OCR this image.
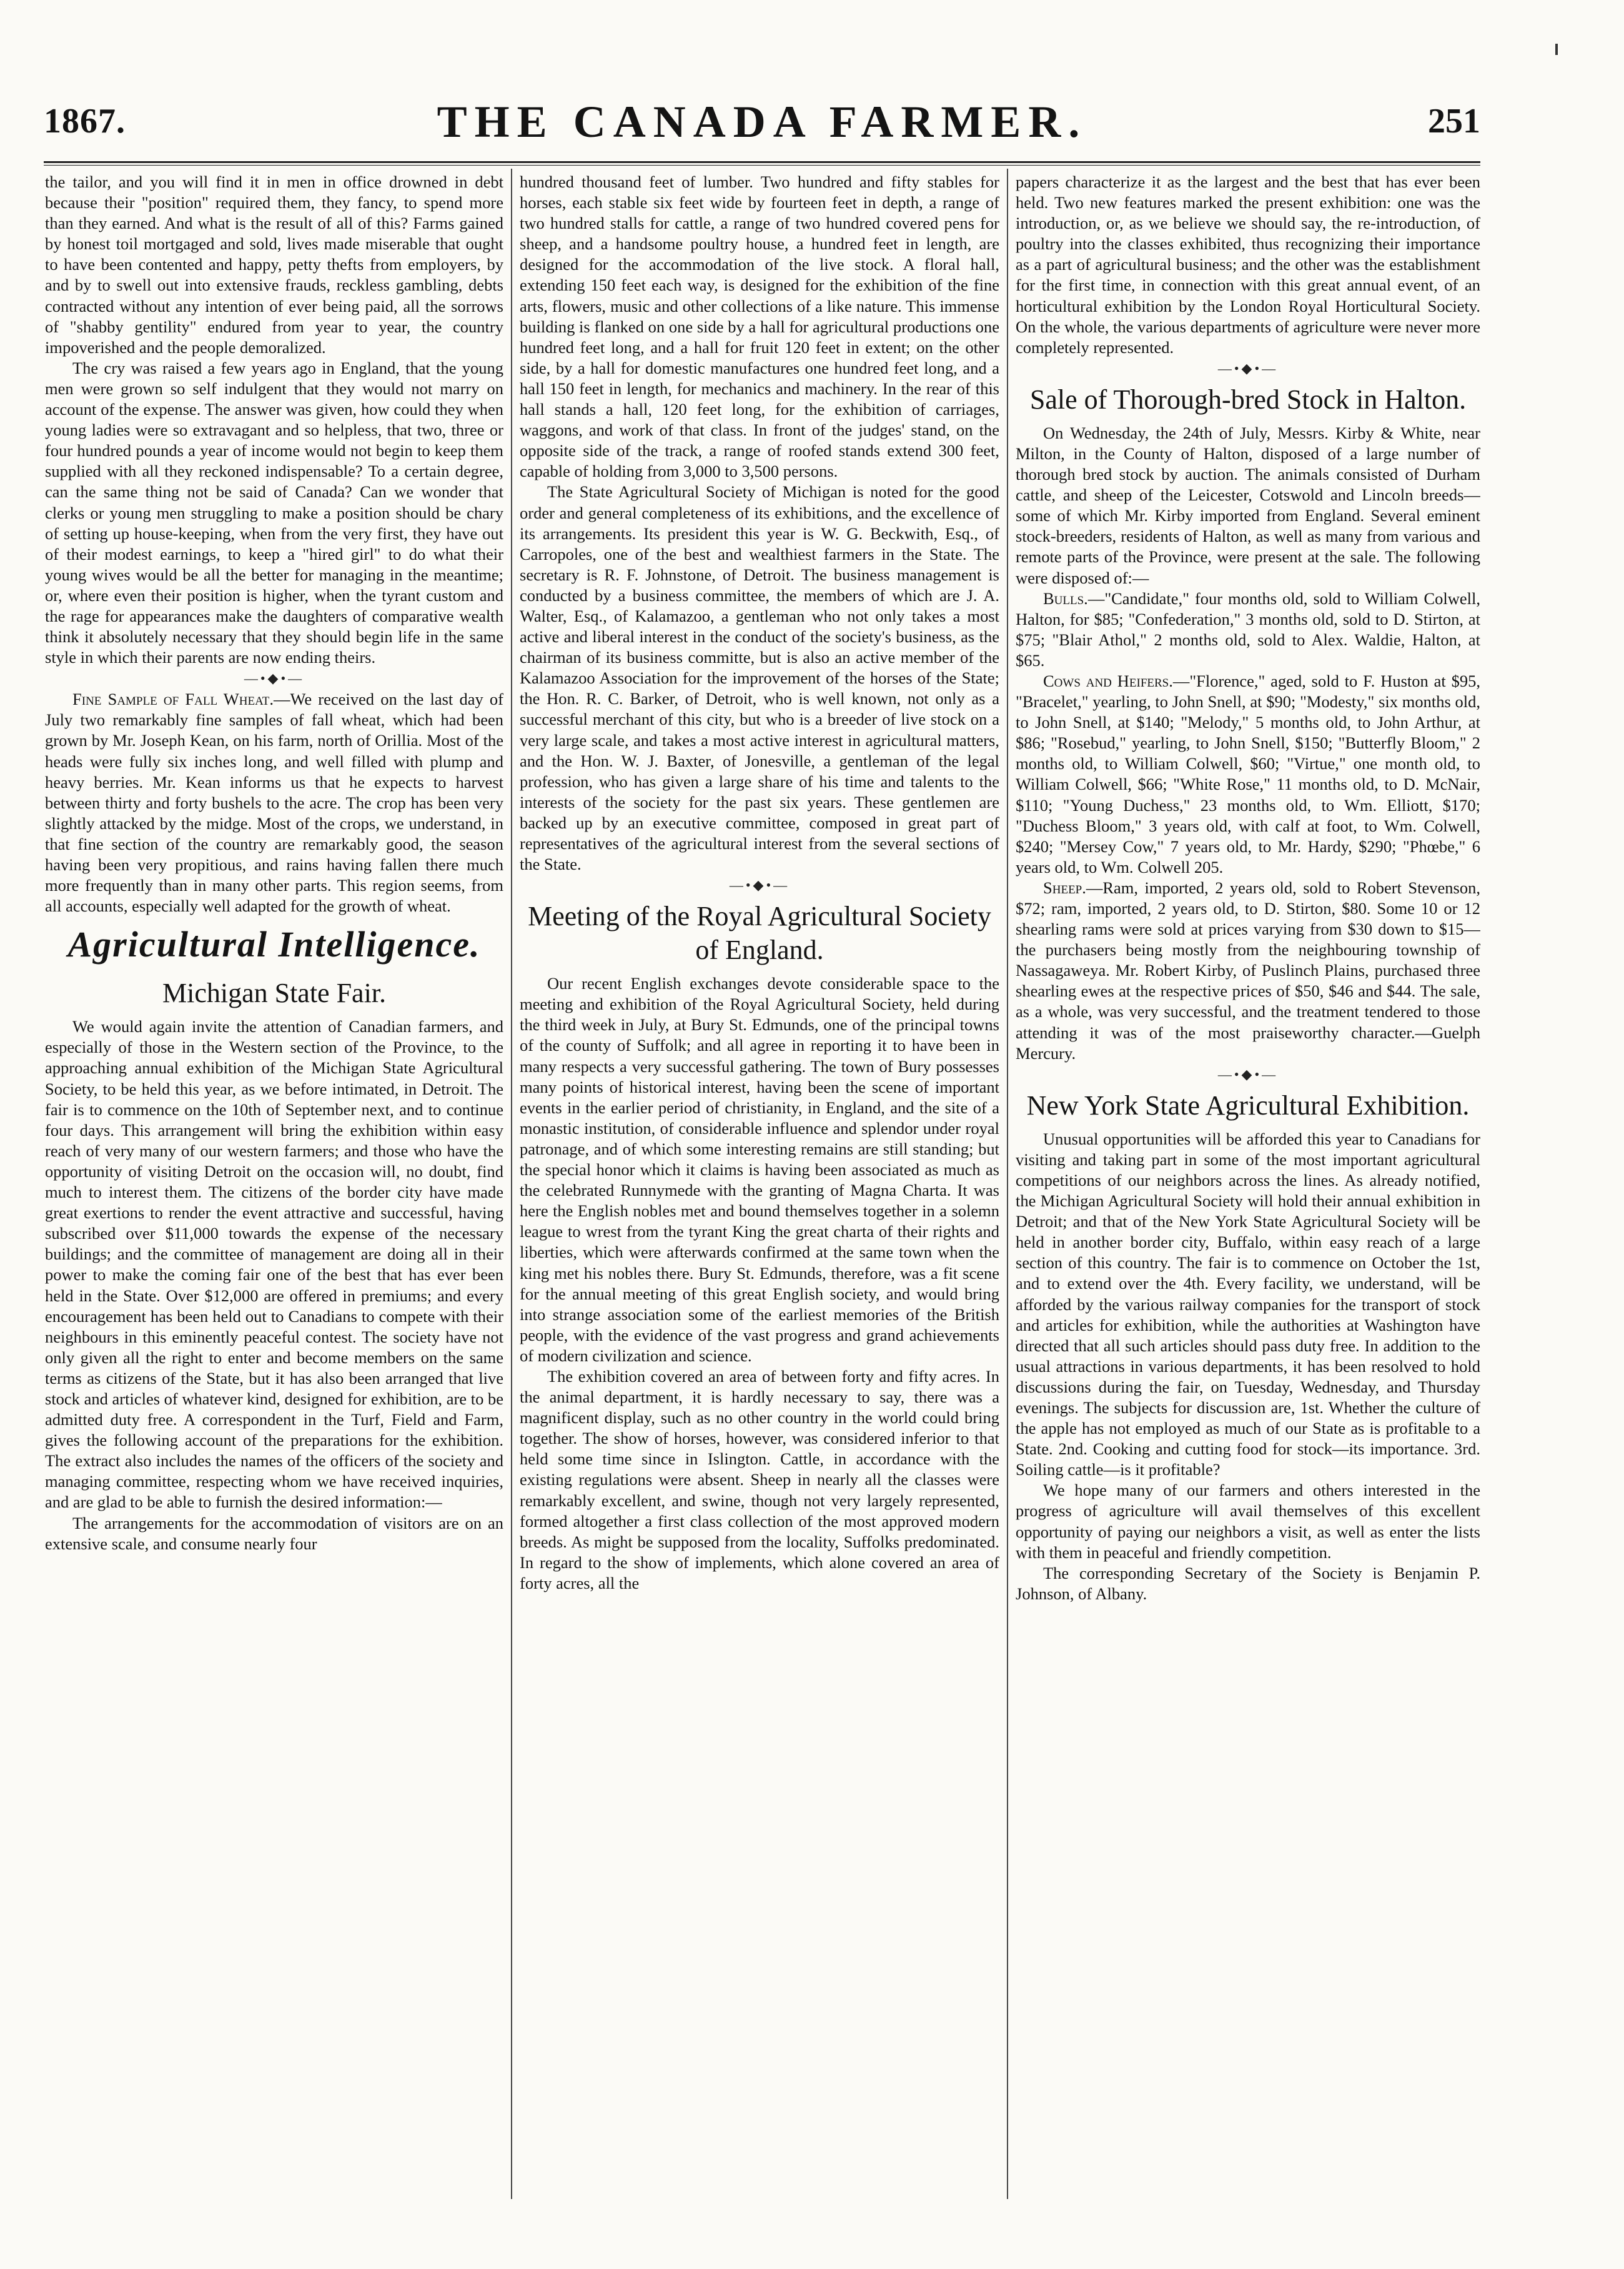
1867.	THE CANADA FARMER.	251

the tailor, and you will find it in men in office drowned in debt because their "position" required them, they fancy, to spend more than they earned. And what is the result of all of this? Farms gained by honest toil mortgaged and sold, lives made miserable that ought to have been contented and happy, petty thefts from employers, by and by to swell out into extensive frauds, reckless gambling, debts contracted without any intention of ever being paid, all the sorrows of "shabby gentility" endured from year to year, the country impoverished and the people demoralized.

The cry was raised a few years ago in England, that the young men were grown so self indulgent that they would not marry on account of the expense. The answer was given, how could they when young ladies were so extravagant and so helpless, that two, three or four hundred pounds a year of income would not begin to keep them supplied with all they reckoned indispensable? To a certain degree, can the same thing not be said of Canada? Can we wonder that clerks or young men struggling to make a position should be chary of setting up house-keeping, when from the very first, they have out of their modest earnings, to keep a "hired girl" to do what their young wives would be all the better for managing in the meantime; or, where even their position is higher, when the tyrant custom and the rage for appearances make the daughters of comparative wealth think it absolutely necessary that they should begin life in the same style in which their parents are now ending theirs.

—•◆•—

Fine Sample of Fall Wheat.—We received on the last day of July two remarkably fine samples of fall wheat, which had been grown by Mr. Joseph Kean, on his farm, north of Orillia. Most of the heads were fully six inches long, and well filled with plump and heavy berries. Mr. Kean informs us that he expects to harvest between thirty and forty bushels to the acre. The crop has been very slightly attacked by the midge. Most of the crops, we understand, in that fine section of the country are remarkably good, the season having been very propitious, and rains having fallen there much more frequently than in many other parts. This region seems, from all accounts, especially well adapted for the growth of wheat.

Agricultural Intelligence.
Michigan State Fair.

We would again invite the attention of Canadian farmers, and especially of those in the Western section of the Province, to the approaching annual exhibition of the Michigan State Agricultural Society, to be held this year, as we before intimated, in Detroit. The fair is to commence on the 10th of September next, and to continue four days. This arrangement will bring the exhibition within easy reach of very many of our western farmers; and those who have the opportunity of visiting Detroit on the occasion will, no doubt, find much to interest them. The citizens of the border city have made great exertions to render the event attractive and successful, having subscribed over $11,000 towards the expense of the necessary buildings; and the committee of management are doing all in their power to make the coming fair one of the best that has ever been held in the State. Over $12,000 are offered in premiums; and every encouragement has been held out to Canadians to compete with their neighbours in this eminently peaceful contest. The society have not only given all the right to enter and become members on the same terms as citizens of the State, but it has also been arranged that live stock and articles of whatever kind, designed for exhibition, are to be admitted duty free. A correspondent in the Turf, Field and Farm, gives the following account of the preparations for the exhibition. The extract also includes the names of the officers of the society and managing committee, respecting whom we have received inquiries, and are glad to be able to furnish the desired information:—

The arrangements for the accommodation of visitors are on an extensive scale, and consume nearly four

hundred thousand feet of lumber. Two hundred and fifty stables for horses, each stable six feet wide by fourteen feet in depth, a range of two hundred stalls for cattle, a range of two hundred covered pens for sheep, and a handsome poultry house, a hundred feet in length, are designed for the accommodation of the live stock. A floral hall, extending 150 feet each way, is designed for the exhibition of the fine arts, flowers, music and other collections of a like nature. This immense building is flanked on one side by a hall for agricultural productions one hundred feet long, and a hall for fruit 120 feet in extent; on the other side, by a hall for domestic manufactures one hundred feet long, and a hall 150 feet in length, for mechanics and machinery. In the rear of this hall stands a hall, 120 feet long, for the exhibition of carriages, waggons, and work of that class. In front of the judges' stand, on the opposite side of the track, a range of roofed stands extend 300 feet, capable of holding from 3,000 to 3,500 persons.

The State Agricultural Society of Michigan is noted for the good order and general completeness of its exhibitions, and the excellence of its arrangements. Its president this year is W. G. Beckwith, Esq., of Carropoles, one of the best and wealthiest farmers in the State. The secretary is R. F. Johnstone, of Detroit. The business management is conducted by a business committee, the members of which are J. A. Walter, Esq., of Kalamazoo, a gentleman who not only takes a most active and liberal interest in the conduct of the society's business, as the chairman of its business committe, but is also an active member of the Kalamazoo Association for the improvement of the horses of the State; the Hon. R. C. Barker, of Detroit, who is well known, not only as a successful merchant of this city, but who is a breeder of live stock on a very large scale, and takes a most active interest in agricultural matters, and the Hon. W. J. Baxter, of Jonesville, a gentleman of the legal profession, who has given a large share of his time and talents to the interests of the society for the past six years. These gentlemen are backed up by an executive committee, composed in great part of representatives of the agricultural interest from the several sections of the State.

—•◆•—
Meeting of the Royal Agricultural Society of England.

Our recent English exchanges devote considerable space to the meeting and exhibition of the Royal Agricultural Society, held during the third week in July, at Bury St. Edmunds, one of the principal towns of the county of Suffolk; and all agree in reporting it to have been in many respects a very successful gathering. The town of Bury possesses many points of historical interest, having been the scene of important events in the earlier period of christianity, in England, and the site of a monastic institution, of considerable influence and splendor under royal patronage, and of which some interesting remains are still standing; but the special honor which it claims is having been associated as much as the celebrated Runnymede with the granting of Magna Charta. It was here the English nobles met and bound themselves together in a solemn league to wrest from the tyrant King the great charta of their rights and liberties, which were afterwards confirmed at the same town when the king met his nobles there. Bury St. Edmunds, therefore, was a fit scene for the annual meeting of this great English society, and would bring into strange association some of the earliest memories of the British people, with the evidence of the vast progress and grand achievements of modern civilization and science.

The exhibition covered an area of between forty and fifty acres. In the animal department, it is hardly necessary to say, there was a magnificent display, such as no other country in the world could bring together. The show of horses, however, was considered inferior to that held some time since in Islington. Cattle, in accordance with the existing regulations were absent. Sheep in nearly all the classes were remarkably excellent, and swine, though not very largely represented, formed altogether a first class collection of the most approved modern breeds. As might be supposed from the locality, Suffolks predominated. In regard to the show of implements, which alone covered an area of forty acres, all the

papers characterize it as the largest and the best that has ever been held. Two new features marked the present exhibition: one was the introduction, or, as we believe we should say, the re-introduction, of poultry into the classes exhibited, thus recognizing their importance as a part of agricultural business; and the other was the establishment for the first time, in connection with this great annual event, of an horticultural exhibition by the London Royal Horticultural Society. On the whole, the various departments of agriculture were never more completely represented.

—•◆•—
Sale of Thorough-bred Stock in Halton.

On Wednesday, the 24th of July, Messrs. Kirby & White, near Milton, in the County of Halton, disposed of a large number of thorough bred stock by auction. The animals consisted of Durham cattle, and sheep of the Leicester, Cotswold and Lincoln breeds—some of which Mr. Kirby imported from England. Several eminent stock-breeders, residents of Halton, as well as many from various and remote parts of the Province, were present at the sale. The following were disposed of:—

Bulls.—"Candidate," four months old, sold to William Colwell, Halton, for $85; "Confederation," 3 months old, sold to D. Stirton, at $75; "Blair Athol," 2 months old, sold to Alex. Waldie, Halton, at $65.

Cows and Heifers.—"Florence," aged, sold to F. Huston at $95, "Bracelet," yearling, to John Snell, at $90; "Modesty," six months old, to John Snell, at $140; "Melody," 5 months old, to John Arthur, at $86; "Rosebud," yearling, to John Snell, $150; "Butterfly Bloom," 2 months old, to William Colwell, $60; "Virtue," one month old, to William Colwell, $66; "White Rose," 11 months old, to D. McNair, $110; "Young Duchess," 23 months old, to Wm. Elliott, $170; "Duchess Bloom," 3 years old, with calf at foot, to Wm. Colwell, $240; "Mersey Cow," 7 years old, to Mr. Hardy, $290; "Phœbe," 6 years old, to Wm. Colwell 205.

Sheep.—Ram, imported, 2 years old, sold to Robert Stevenson, $72; ram, imported, 2 years old, to D. Stirton, $80. Some 10 or 12 shearling rams were sold at prices varying from $30 down to $15—the purchasers being mostly from the neighbouring township of Nassagaweya. Mr. Robert Kirby, of Puslinch Plains, purchased three shearling ewes at the respective prices of $50, $46 and $44. The sale, as a whole, was very successful, and the treatment tendered to those attending it was of the most praiseworthy character.—Guelph Mercury.

—•◆•—
New York State Agricultural Exhibition.

Unusual opportunities will be afforded this year to Canadians for visiting and taking part in some of the most important agricultural competitions of our neighbors across the lines. As already notified, the Michigan Agricultural Society will hold their annual exhibition in Detroit; and that of the New York State Agricultural Society will be held in another border city, Buffalo, within easy reach of a large section of this country. The fair is to commence on October the 1st, and to extend over the 4th. Every facility, we understand, will be afforded by the various railway companies for the transport of stock and articles for exhibition, while the authorities at Washington have directed that all such articles should pass duty free. In addition to the usual attractions in various departments, it has been resolved to hold discussions during the fair, on Tuesday, Wednesday, and Thursday evenings. The subjects for discussion are, 1st. Whether the culture of the apple has not employed as much of our State as is profitable to a State. 2nd. Cooking and cutting food for stock—its importance. 3rd. Soiling cattle—is it profitable?

We hope many of our farmers and others interested in the progress of agriculture will avail themselves of this excellent opportunity of paying our neighbors a visit, as well as enter the lists with them in peaceful and friendly competition.

The corresponding Secretary of the Society is Benjamin P. Johnson, of Albany.
